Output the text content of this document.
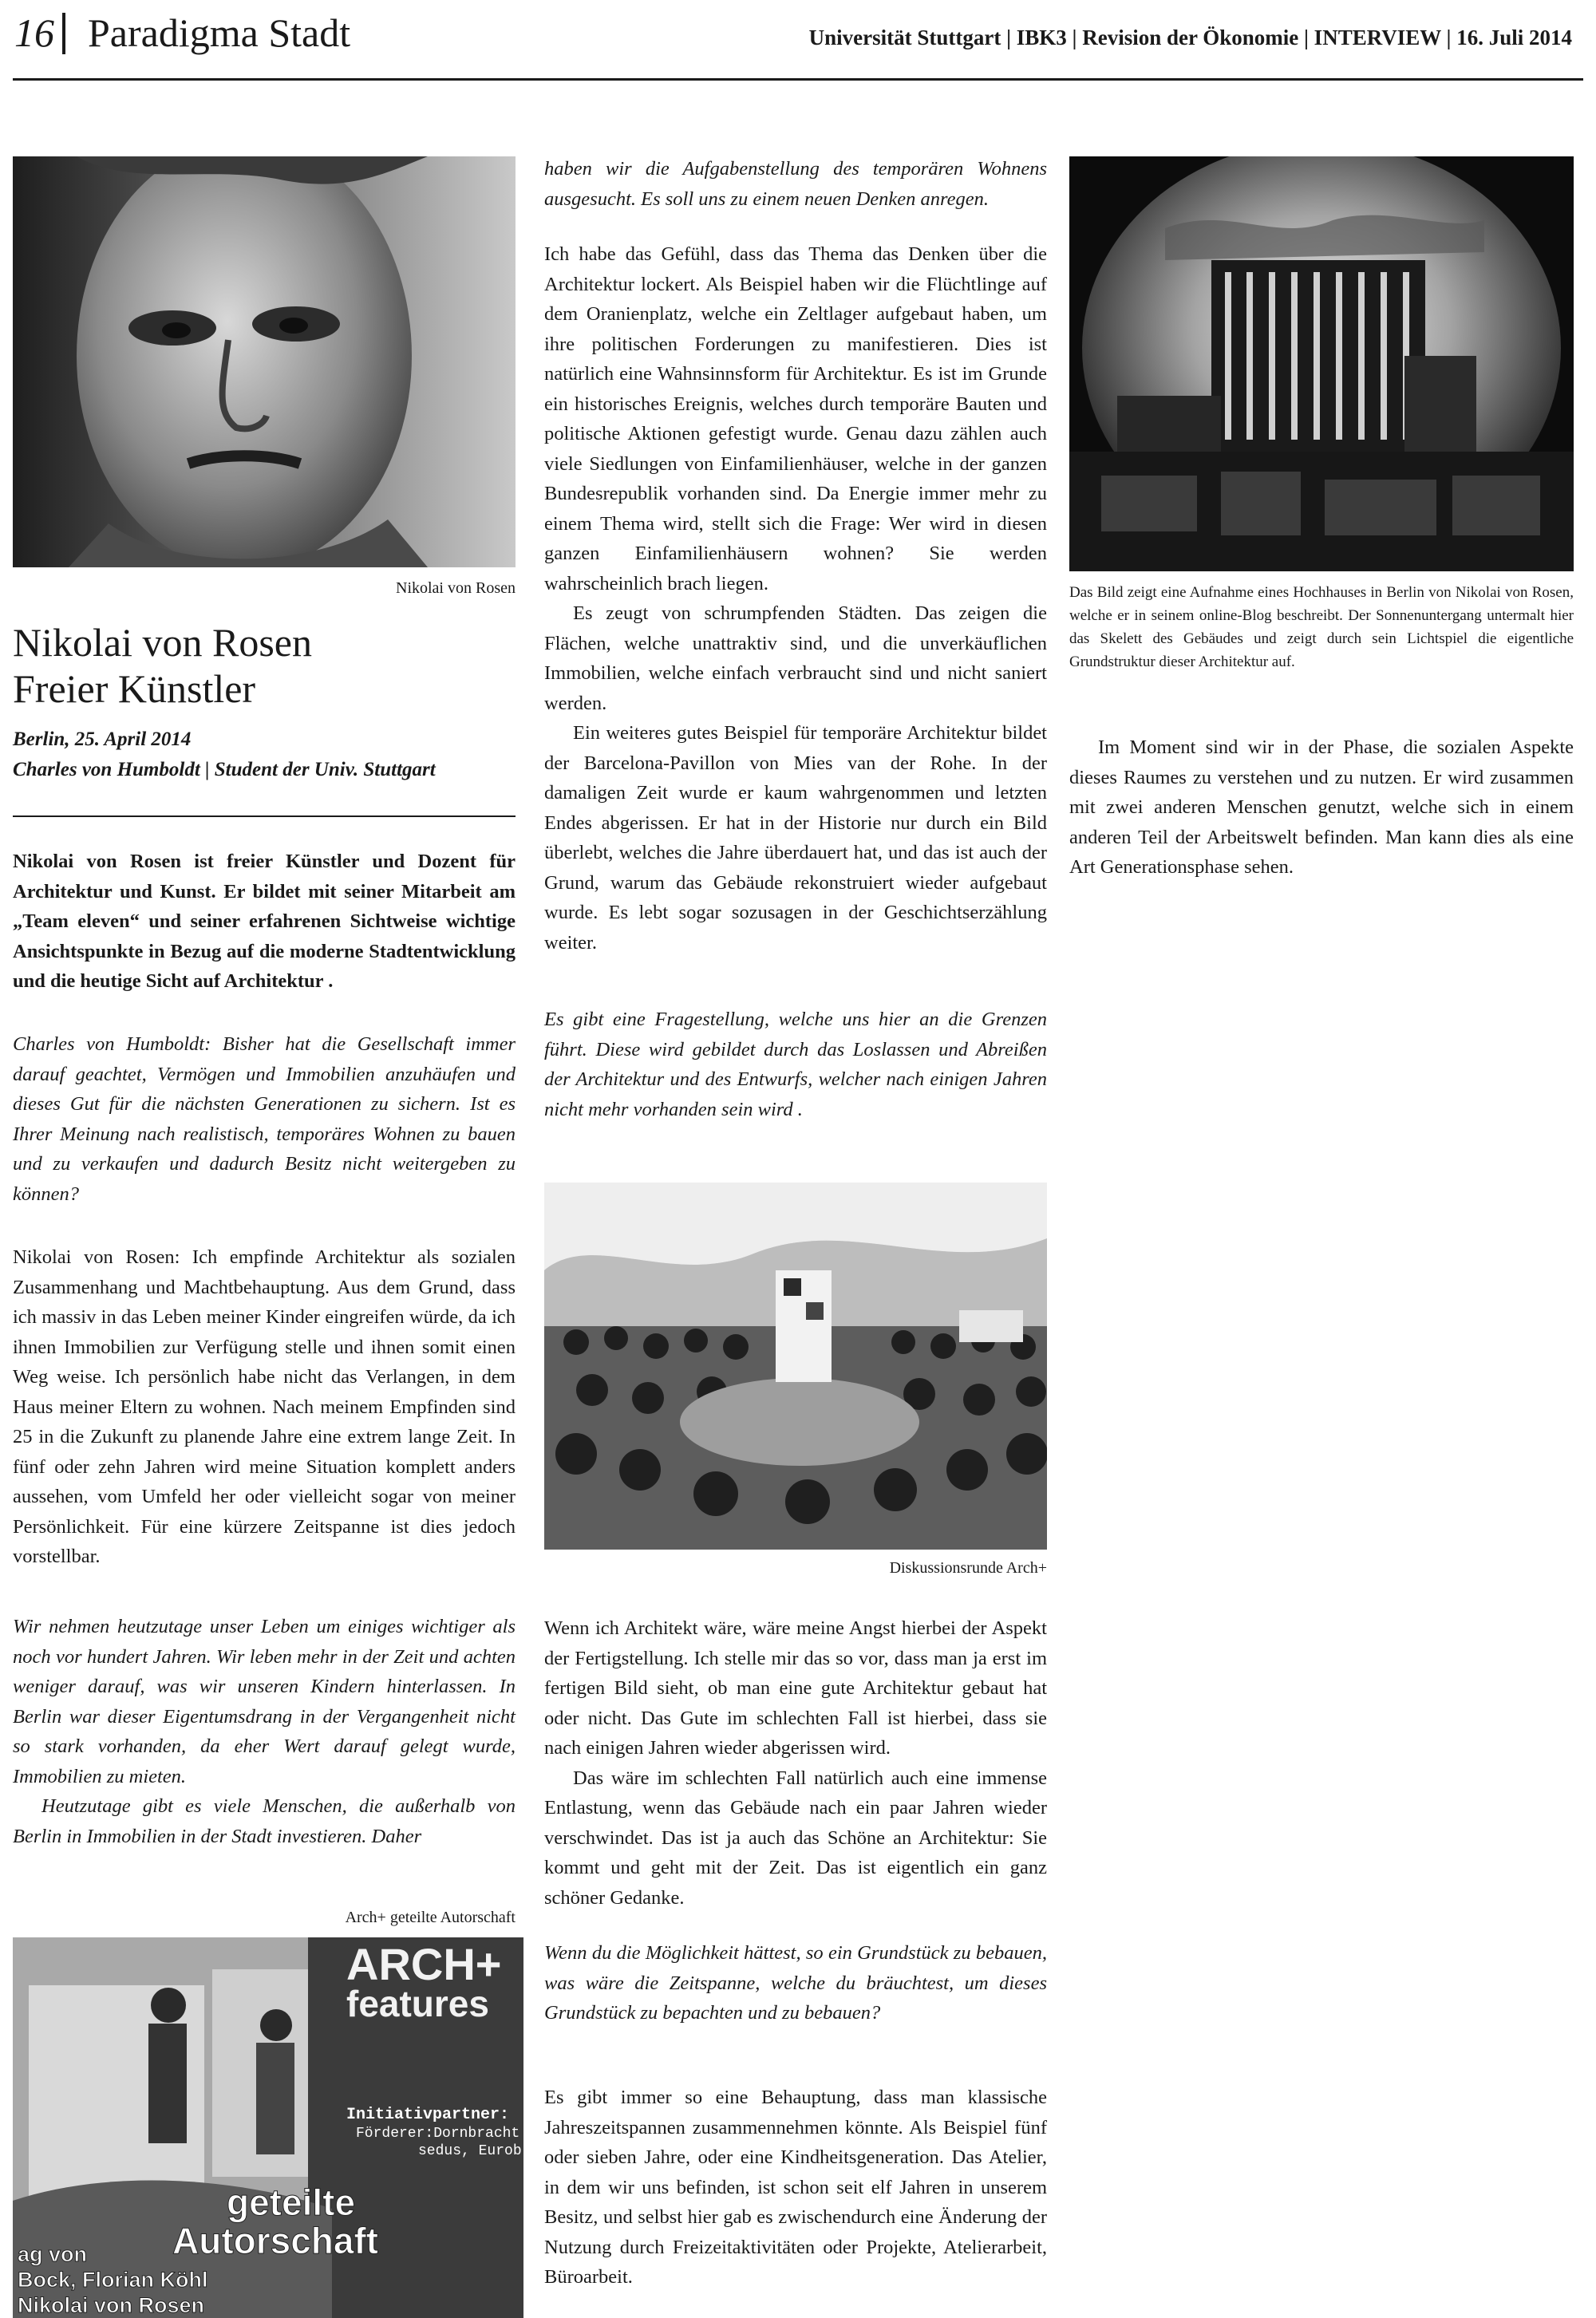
16 Paradigma Stadt	Universität Stuttgart | IBK3 | Revision der Ökonomie | INTERVIEW | 16. Juli 2014
Nikolai von Rosen
Nikolai von Rosen
Freier Künstler
Berlin, 25. April 2014
Charles von Humboldt | Student der Univ. Stuttgart
Nikolai von Rosen ist freier Künstler und Dozent für Architektur und Kunst. Er bildet mit seiner Mitarbeit am „Team eleven“ und seiner erfahrenen Sichtweise wichtige Ansichtspunkte in Bezug auf die moderne Stadtentwicklung und die heutige Sicht auf Architektur .
Charles von Humboldt: Bisher hat die Gesellschaft immer darauf geachtet, Vermögen und Immobilien anzuhäufen und dieses Gut für die nächsten Generationen zu sichern. Ist es Ihrer Meinung nach realistisch, temporäres Wohnen zu bauen und zu verkaufen und dadurch Besitz nicht weitergeben zu können?
Nikolai von Rosen: Ich empfinde Architektur als sozialen Zusammenhang und Machtbehauptung. Aus dem Grund, dass ich massiv in das Leben meiner Kinder eingreifen würde, da ich ihnen Immobilien zur Verfügung stelle und ihnen somit einen Weg weise. Ich persönlich habe nicht das Verlangen, in dem Haus meiner Eltern zu wohnen. Nach meinem Empfinden sind 25 in die Zukunft zu planende Jahre eine extrem lange Zeit. In fünf oder zehn Jahren wird meine Situation komplett anders aussehen, vom Umfeld her oder vielleicht sogar von meiner Persönlichkeit. Für eine kürzere Zeitspanne ist dies jedoch vorstellbar.

Wir nehmen heutzutage unser Leben um einiges wichtiger als noch vor hundert Jahren. Wir leben mehr in der Zeit und achten weniger darauf, was wir unseren Kindern hinterlassen. In Berlin war dieser Eigentumsdrang in der Vergangenheit nicht so stark vorhanden, da eher Wert darauf gelegt wurde, Immobilien zu mieten.

Heutzutage gibt es viele Menschen, die außerhalb von Berlin in Immobilien in der Stadt investieren. Daher

Arch+ geteilte Autorschaft
ARCH+
features
Initiativpartner:
Förderer:Dornbracht
sedus, Eurob
geteilte
Autorschaft
ag von
Bock, Florian Köhl
Nikolai von Rosen
haben wir die Aufgabenstellung des temporären Wohnens ausgesucht. Es soll uns zu einem neuen Denken anregen.

Ich habe das Gefühl, dass das Thema das Denken über die Architektur lockert. Als Beispiel haben wir die Flüchtlinge auf dem Oranienplatz, welche ein Zeltlager aufgebaut haben, um ihre politischen Forderungen zu manifestieren. Dies ist natürlich eine Wahnsinnsform für Architektur. Es ist im Grunde ein historisches Ereignis, welches durch temporäre Bauten und politische Aktionen gefestigt wurde. Genau dazu zählen auch viele Siedlungen von Einfamilienhäuser, welche in der ganzen Bundesrepublik vorhanden sind. Da Energie immer mehr zu einem Thema wird, stellt sich die Frage: Wer wird in diesen ganzen Einfamilienhäusern wohnen? Sie werden wahrscheinlich brach liegen.

Es zeugt von schrumpfenden Städten. Das zeigen die Flächen, welche unattraktiv sind, und die unverkäuflichen Immobilien, welche einfach verbraucht sind und nicht saniert werden.

Ein weiteres gutes Beispiel für temporäre Architektur bildet der Barcelona-Pavillon von Mies van der Rohe. In der damaligen Zeit wurde er kaum wahrgenommen und letzten Endes abgerissen. Er hat in der Historie nur durch ein Bild überlebt, welches die Jahre überdauert hat, und das ist auch der Grund, warum das Gebäude rekonstruiert wieder aufgebaut wurde. Es lebt sogar sozusagen in der Geschichtserzählung weiter.

Es gibt eine Fragestellung, welche uns hier an die Grenzen führt. Diese wird gebildet durch das Loslassen und Abreißen der Architektur und des Entwurfs, welcher nach einigen Jahren nicht mehr vorhanden sein wird .
Diskussionsrunde Arch+

Wenn ich Architekt wäre, wäre meine Angst hierbei der Aspekt der Fertigstellung. Ich stelle mir das so vor, dass man ja erst im fertigen Bild sieht, ob man eine gute Architektur gebaut hat oder nicht. Das Gute im schlechten Fall ist hierbei, dass sie nach einigen Jahren wieder abgerissen wird.

Das wäre im schlechten Fall natürlich auch eine immense Entlastung, wenn das Gebäude nach ein paar Jahren wieder verschwindet. Das ist ja auch das Schöne an Architektur: Sie kommt und geht mit der Zeit. Das ist eigentlich ein ganz schöner Gedanke.

Wenn du die Möglichkeit hättest, so ein Grundstück zu bebauen, was wäre die Zeitspanne, welche du bräuchtest, um dieses Grundstück zu bepachten und zu bebauen?
Es gibt immer so eine Behauptung, dass man klassische Jahreszeitspannen zusammennehmen könnte. Als Beispiel fünf oder sieben Jahre, oder eine Kindheitsgeneration. Das Atelier, in dem wir uns befinden, ist schon seit elf Jahren in unserem Besitz, und selbst hier gab es zwischendurch eine Änderung der Nutzung durch Freizeitaktivitäten oder Projekte, Atelierarbeit, Büroarbeit.
Das Bild zeigt eine Aufnahme eines Hochhauses in Berlin von Nikolai von Rosen, welche er in seinem online-Blog beschreibt. Der Sonnenuntergang untermalt hier das Skelett des Gebäudes und zeigt durch sein Lichtspiel die eigentliche Grundstruktur dieser Architektur auf.
Im Moment sind wir in der Phase, die sozialen Aspekte dieses Raumes zu verstehen und zu nutzen. Er wird zusammen mit zwei anderen Menschen genutzt, welche sich in einem anderen Teil der Arbeitswelt befinden. Man kann dies als eine Art Generationsphase sehen.
